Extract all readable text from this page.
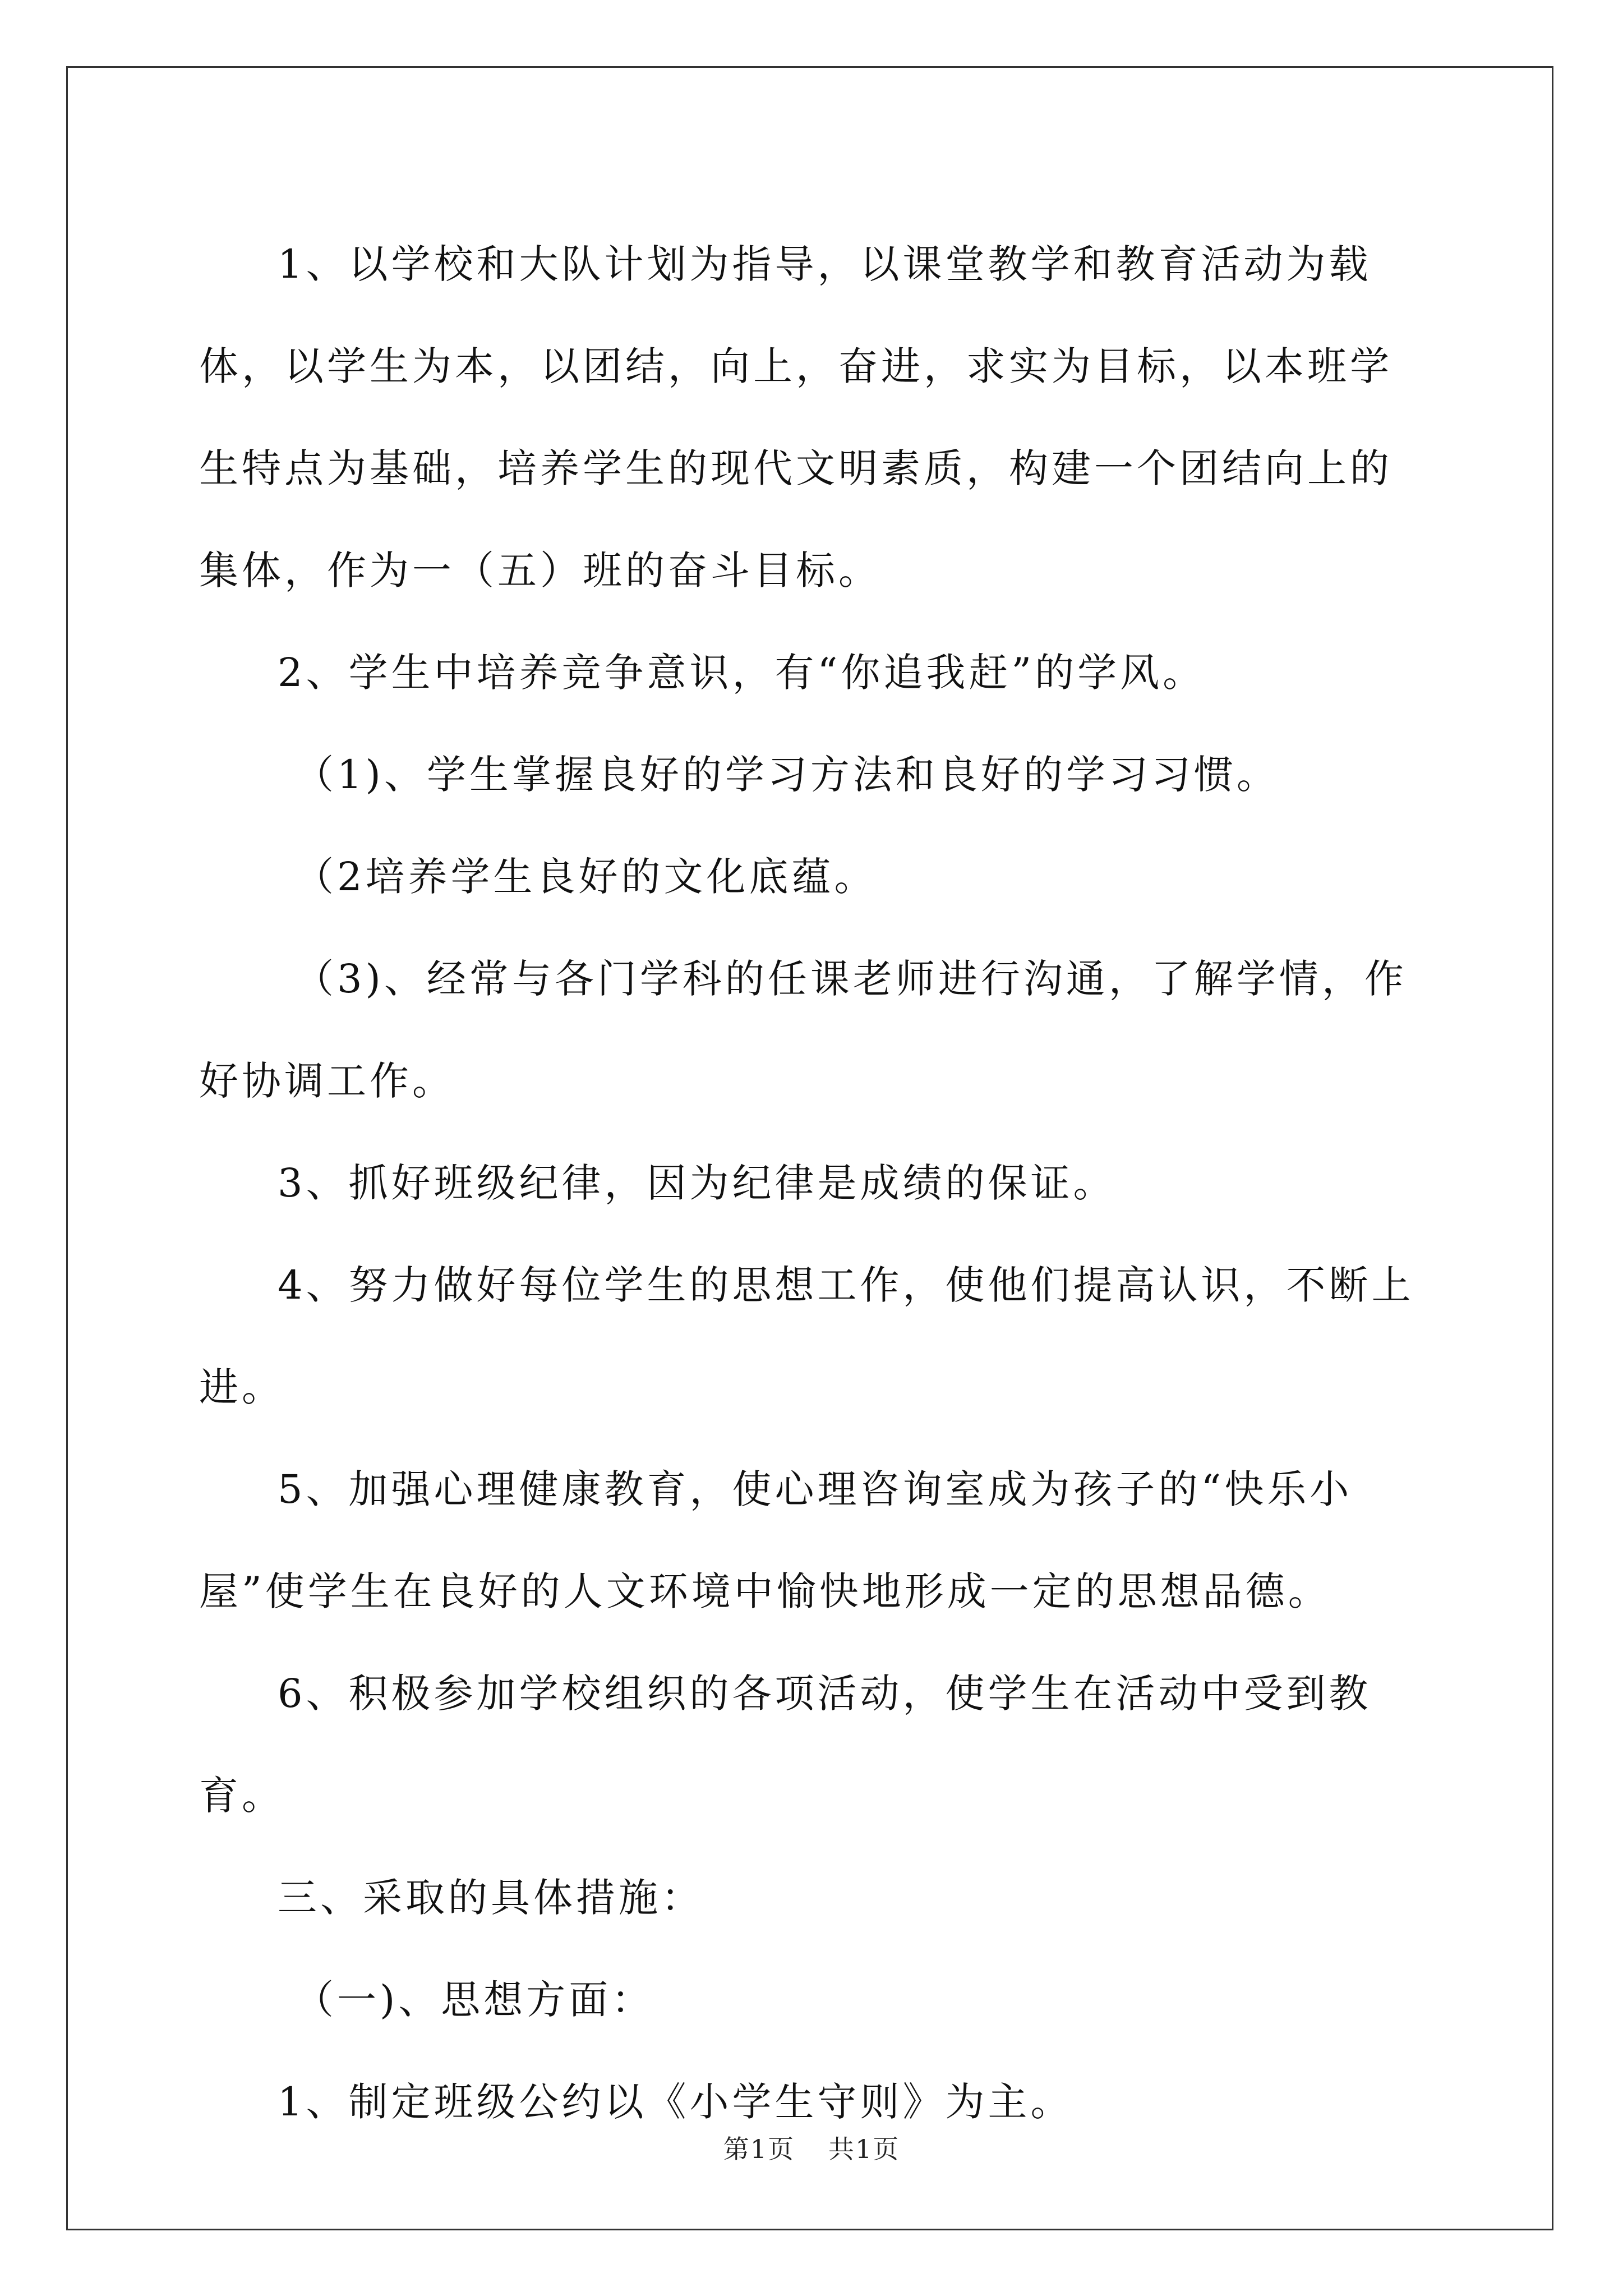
1、以学校和大队计划为指导，以课堂教学和教育活动为载体，以学生为本，以团结，向上，奋进，求实为目标，以本班学生特点为基础，培养学生的现代文明素质，构建一个团结向上的集体，作为一（五）班的奋斗目标。

2、学生中培养竞争意识，有“你追我赶”的学风。

（1)、学生掌握良好的学习方法和良好的学习习惯。

（2培养学生良好的文化底蕴。

（3)、经常与各门学科的任课老师进行沟通，了解学情，作好协调工作。

3、抓好班级纪律，因为纪律是成绩的保证。

4、努力做好每位学生的思想工作，使他们提高认识，不断上进。

5、加强心理健康教育，使心理咨询室成为孩子的“快乐小屋”使学生在良好的人文环境中愉快地形成一定的思想品德。

6、积极参加学校组织的各项活动，使学生在活动中受到教育。

三、采取的具体措施：

（一)、思想方面：

1、制定班级公约以《小学生守则》为主。

第1页 共1页
